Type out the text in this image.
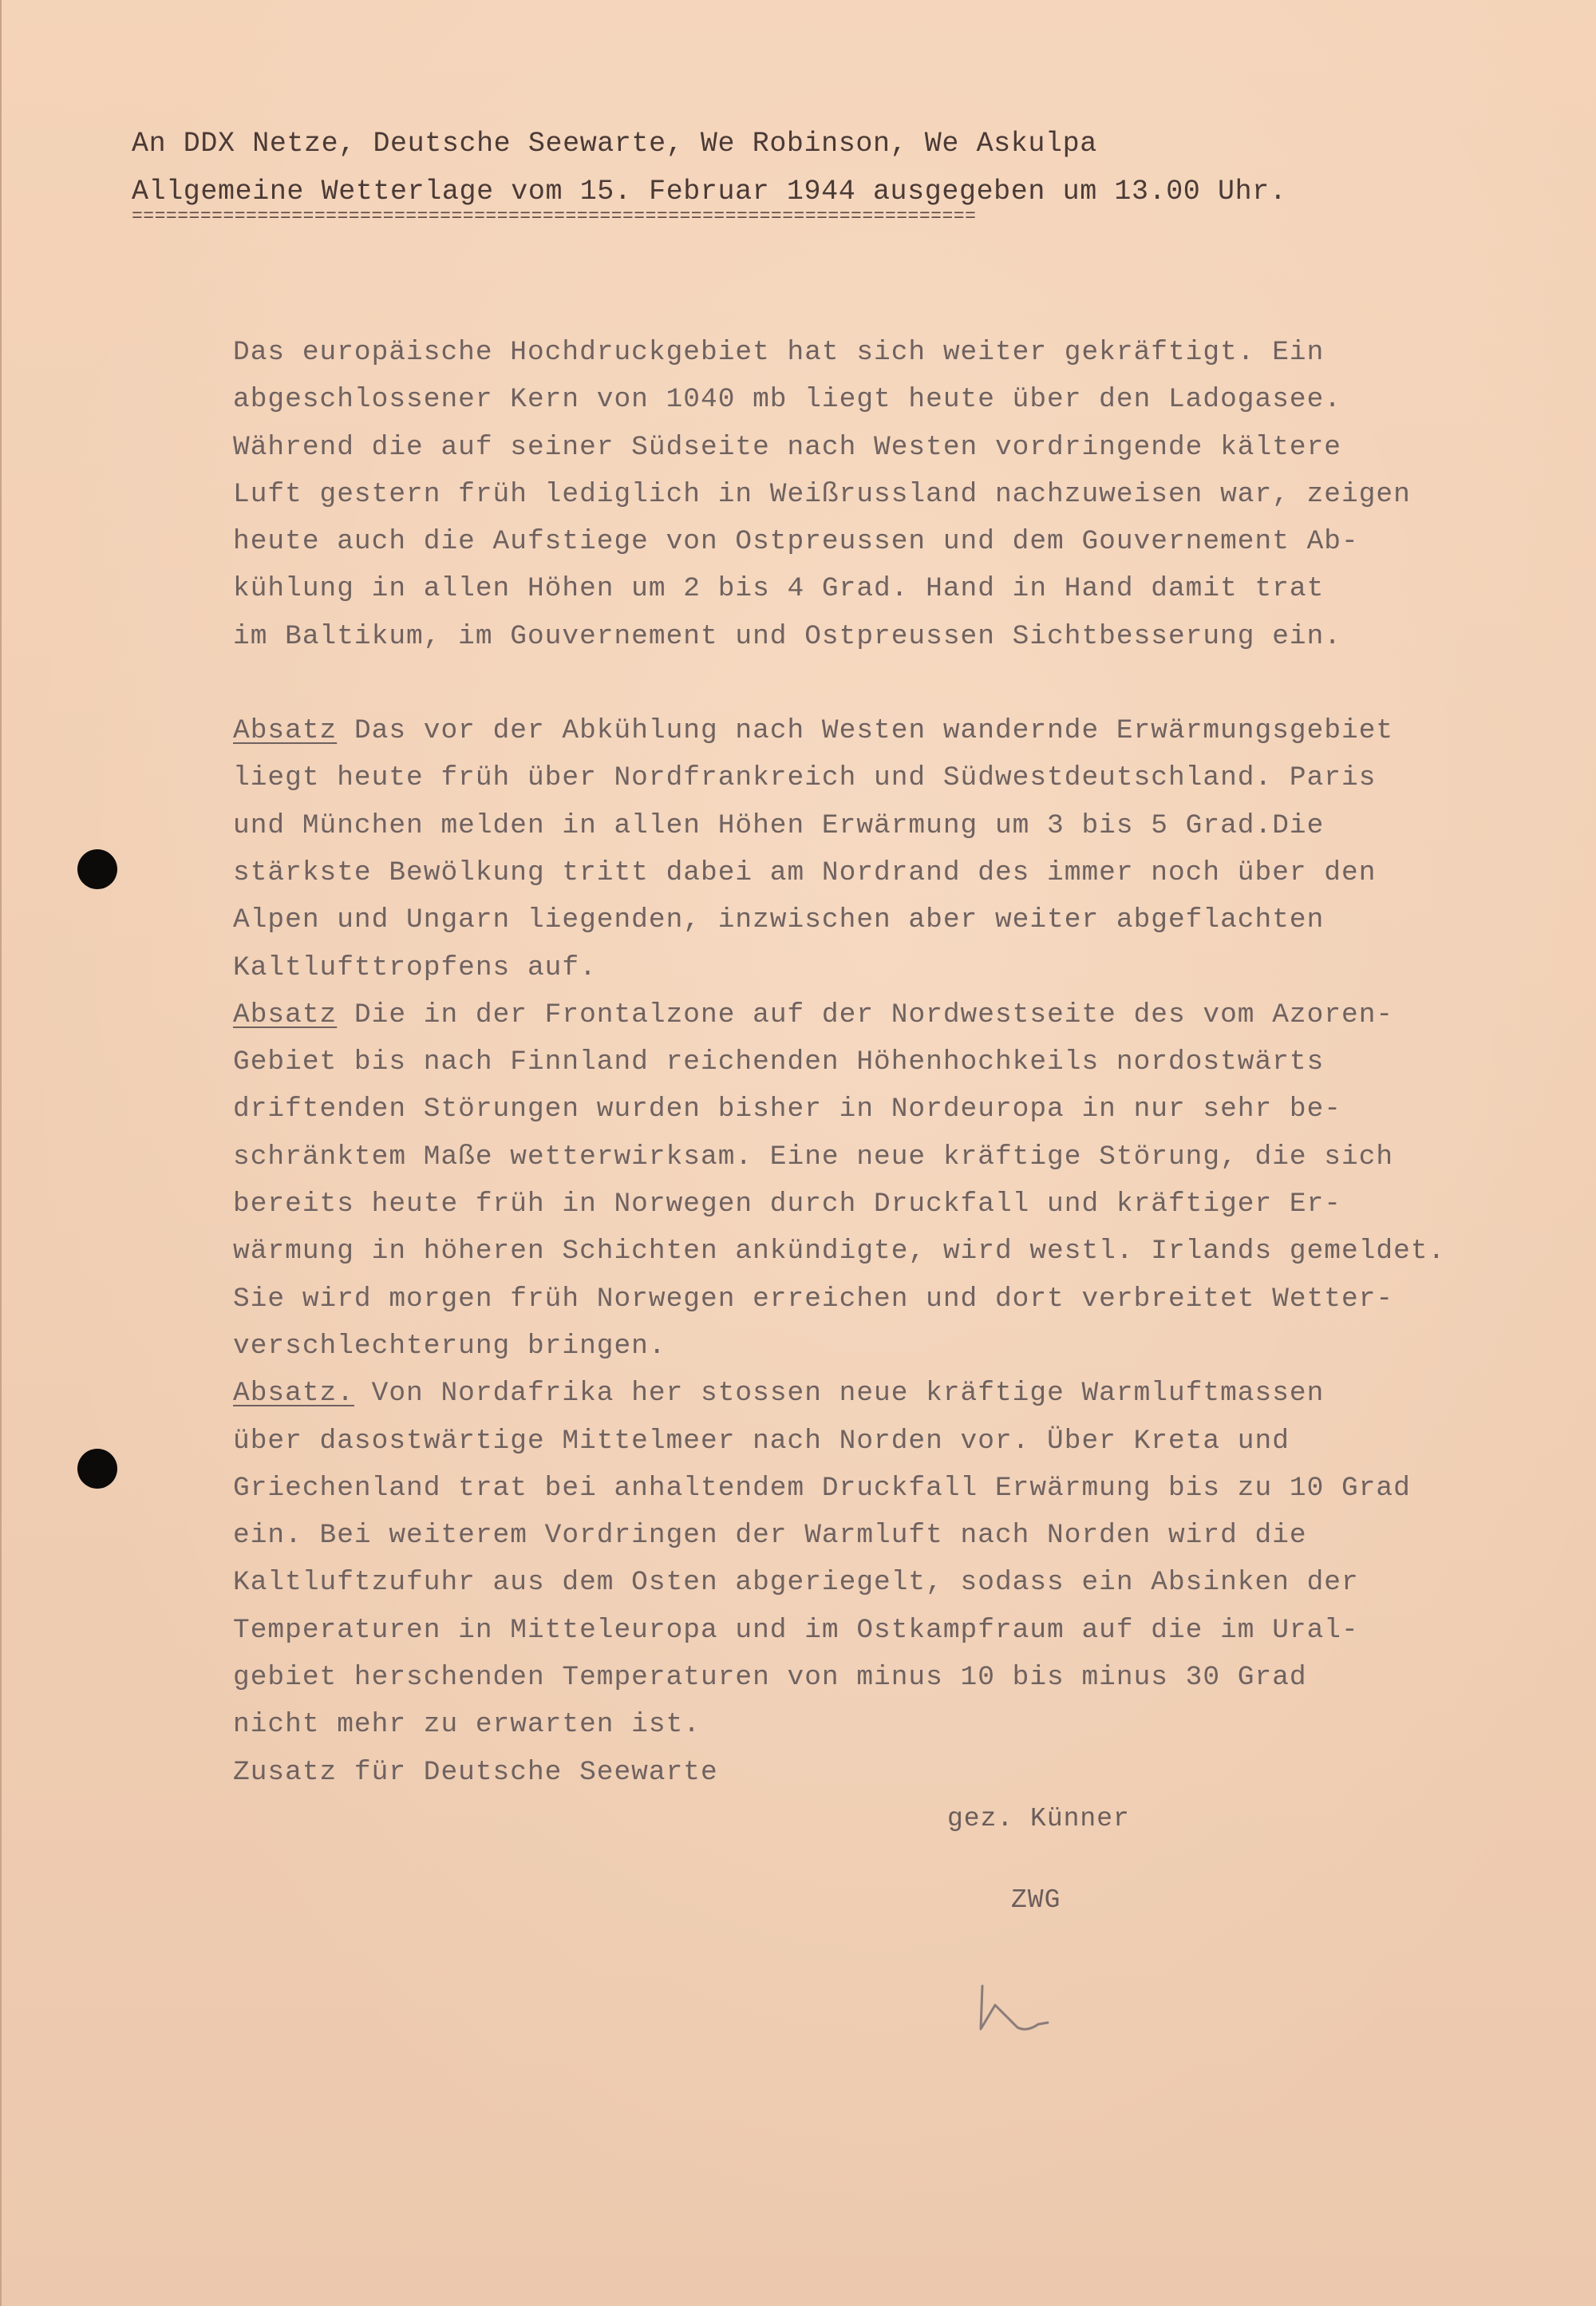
An DDX Netze, Deutsche Seewarte, We Robinson, We Askulpa
Allgemeine Wetterlage vom 15. Februar 1944 ausgegeben um 13.00 Uhr.
==========================================================================
Das europäische Hochdruckgebiet hat sich weiter gekräftigt. Ein
abgeschlossener Kern von 1040 mb liegt heute über den Ladogasee.
Während die auf seiner Südseite nach Westen vordringende kältere
Luft gestern früh lediglich in Weißrussland nachzuweisen war, zeigen
heute auch die Aufstiege von Ostpreussen und dem Gouvernement Ab-
kühlung in allen Höhen um 2 bis 4 Grad. Hand in Hand damit trat
im Baltikum, im Gouvernement und Ostpreussen Sichtbesserung ein.
Absatz Das vor der Abkühlung nach Westen wandernde Erwärmungsgebiet
liegt heute früh über Nordfrankreich und Südwestdeutschland. Paris
und München melden in allen Höhen Erwärmung um 3 bis 5 Grad.Die
stärkste Bewölkung tritt dabei am Nordrand des immer noch über den
Alpen und Ungarn liegenden, inzwischen aber weiter abgeflachten
Kaltlufttropfens auf.
Absatz Die in der Frontalzone auf der Nordwestseite des vom Azoren-
Gebiet bis nach Finnland reichenden Höhenhochkeils nordostwärts
driftenden Störungen wurden bisher in Nordeuropa in nur sehr be-
schränktem Maße wetterwirksam. Eine neue kräftige Störung, die sich
bereits heute früh in Norwegen durch Druckfall und kräftiger Er-
wärmung in höheren Schichten ankündigte, wird westl. Irlands gemeldet.
Sie wird morgen früh Norwegen erreichen und dort verbreitet Wetter-
verschlechterung bringen.
Absatz. Von Nordafrika her stossen neue kräftige Warmluftmassen
über dasostwärtige Mittelmeer nach Norden vor. Über Kreta und
Griechenland trat bei anhaltendem Druckfall Erwärmung bis zu 10 Grad
ein. Bei weiterem Vordringen der Warmluft nach Norden wird die
Kaltluftzufuhr aus dem Osten abgeriegelt, sodass ein Absinken der
Temperaturen in Mitteleuropa und im Ostkampfraum auf die im Ural-
gebiet herschenden Temperaturen von minus 10 bis minus 30 Grad
nicht mehr zu erwarten ist.
Zusatz für Deutsche Seewarte
gez. Künner
ZWG
